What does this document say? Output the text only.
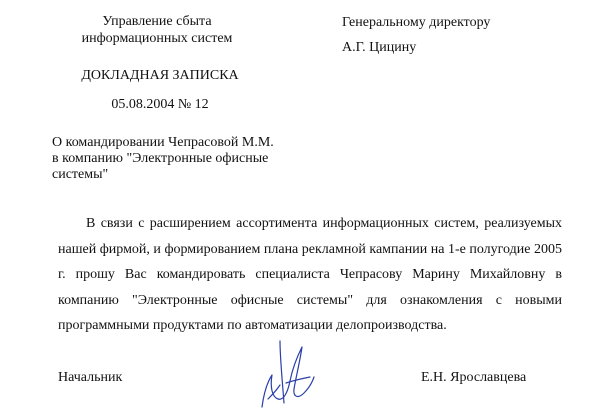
Управление сбыта
информационных систем
Генеральному директору
А.Г. Цицину
ДОКЛАДНАЯ ЗАПИСКА
05.08.2004 № 12
О командировании Чепрасовой М.М.
в компанию "Электронные офисные
системы"
В связи с расширением ассортимента информационных систем, реализуемых нашей фирмой, и формированием плана рекламной кампании на 1-е полугодие 2005 г. прошу Вас командировать специалиста Чепрасову Марину Михайловну в компанию "Электронные офисные системы" для ознакомления с новыми программными продуктами по автоматизации делопроизводства.
Начальник	Е.Н. Ярославцева
